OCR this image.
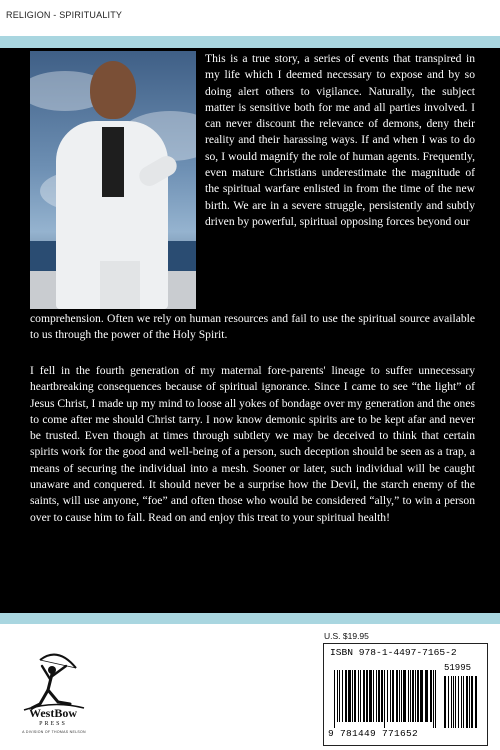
RELIGION - SPIRITUALITY

This is a true story, a series of events that transpired in my life which I deemed necessary to expose and by so doing alert others to vigilance. Naturally, the subject matter is sensitive both for me and all parties involved. I can never discount the relevance of demons, deny their reality and their harassing ways. If and when I was to do so, I would magnify the role of human agents. Frequently, even mature Christians underestimate the magnitude of the spiritual warfare enlisted in from the time of the new birth. We are in a severe struggle, persistently and subtly driven by powerful, spiritual opposing forces beyond our

comprehension. Often we rely on human resources and fail to use the spiritual source available to us through the power of the Holy Spirit.

I fell in the fourth generation of my maternal fore-parents' lineage to suffer unnecessary heartbreaking consequences because of spiritual ignorance. Since I came to see “the light” of Jesus Christ, I made up my mind to loose all yokes of bondage over my generation and the ones to come after me should Christ tarry. I now know demonic spirits are to be kept afar and never be trusted. Even though at times through subtlety we may be deceived to think that certain spirits work for the good and well-being of a person, such deception should be seen as a trap, a means of securing the individual into a mesh. Sooner or later, such individual will be caught unaware and conquered. It should never be a surprise how the Devil, the starch enemy of the saints, will use anyone, “foe” and often those who would be considered “ally,” to win a person over to cause him to fall. Read on and enjoy this treat to your spiritual health!

WestBow
PRESS
A DIVISION OF THOMAS NELSON
U.S. $19.95
ISBN 978-1-4497-7165-2
51995
9 781449 771652
